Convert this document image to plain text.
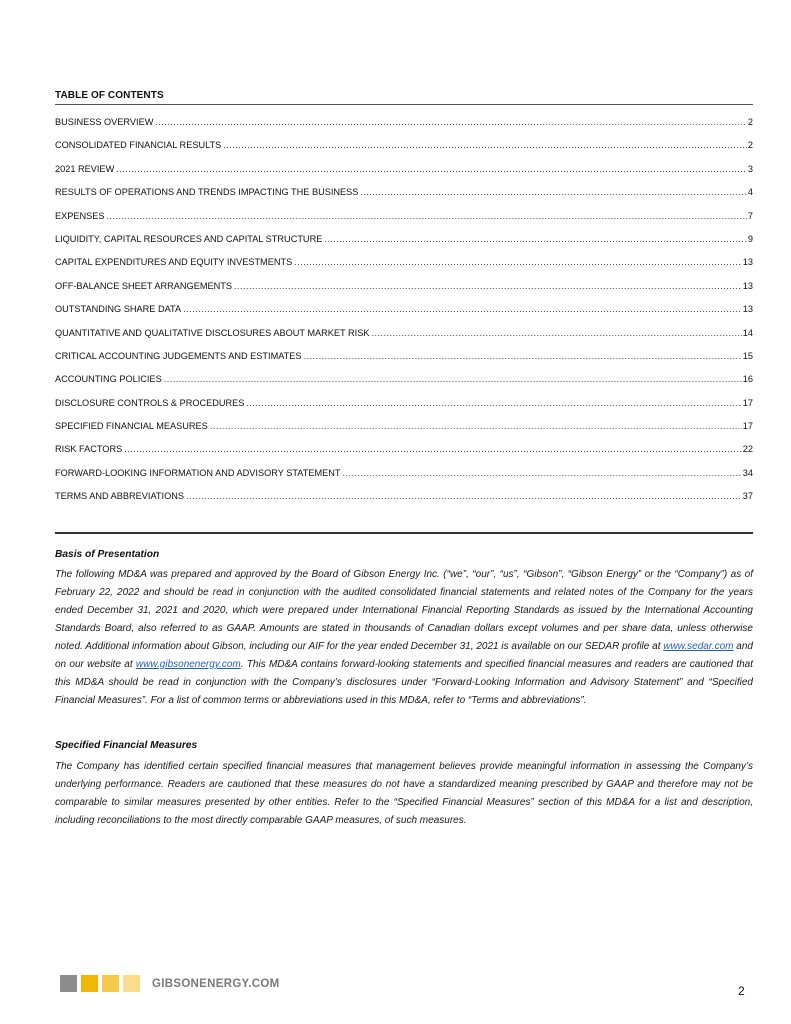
TABLE OF CONTENTS
BUSINESS OVERVIEW .....	2
CONSOLIDATED FINANCIAL RESULTS .....	2
2021 REVIEW .....	3
RESULTS OF OPERATIONS AND TRENDS IMPACTING THE BUSINESS .....	4
EXPENSES .....	7
LIQUIDITY, CAPITAL RESOURCES AND CAPITAL STRUCTURE .....	9
CAPITAL EXPENDITURES AND EQUITY INVESTMENTS .....	13
OFF-BALANCE SHEET ARRANGEMENTS .....	13
OUTSTANDING SHARE DATA .....	13
QUANTITATIVE AND QUALITATIVE DISCLOSURES ABOUT MARKET RISK .....	14
CRITICAL ACCOUNTING JUDGEMENTS AND ESTIMATES .....	15
ACCOUNTING POLICIES .....	16
DISCLOSURE CONTROLS & PROCEDURES .....	17
SPECIFIED FINANCIAL MEASURES .....	17
RISK FACTORS .....	22
FORWARD-LOOKING INFORMATION AND ADVISORY STATEMENT .....	34
TERMS AND ABBREVIATIONS .....	37
Basis of Presentation

The following MD&A was prepared and approved by the Board of Gibson Energy Inc. (“we”, “our”, “us”, “Gibson”, “Gibson Energy” or the “Company”) as of February 22, 2022 and should be read in conjunction with the audited consolidated financial statements and related notes of the Company for the years ended December 31, 2021 and 2020, which were prepared under International Financial Reporting Standards as issued by the International Accounting Standards Board, also referred to as GAAP. Amounts are stated in thousands of Canadian dollars except volumes and per share data, unless otherwise noted. Additional information about Gibson, including our AIF for the year ended December 31, 2021 is available on our SEDAR profile at www.sedar.com and on our website at www.gibsonenergy.com. This MD&A contains forward-looking statements and specified financial measures and readers are cautioned that this MD&A should be read in conjunction with the Company’s disclosures under “Forward-Looking Information and Advisory Statement” and “Specified Financial Measures”. For a list of common terms or abbreviations used in this MD&A, refer to “Terms and abbreviations”.

Specified Financial Measures

The Company has identified certain specified financial measures that management believes provide meaningful information in assessing the Company’s underlying performance. Readers are cautioned that these measures do not have a standardized meaning prescribed by GAAP and therefore may not be comparable to similar measures presented by other entities. Refer to the “Specified Financial Measures” section of this MD&A for a list and description, including reconciliations to the most directly comparable GAAP measures, of such measures.

GIBSONENERGY.COM
2
